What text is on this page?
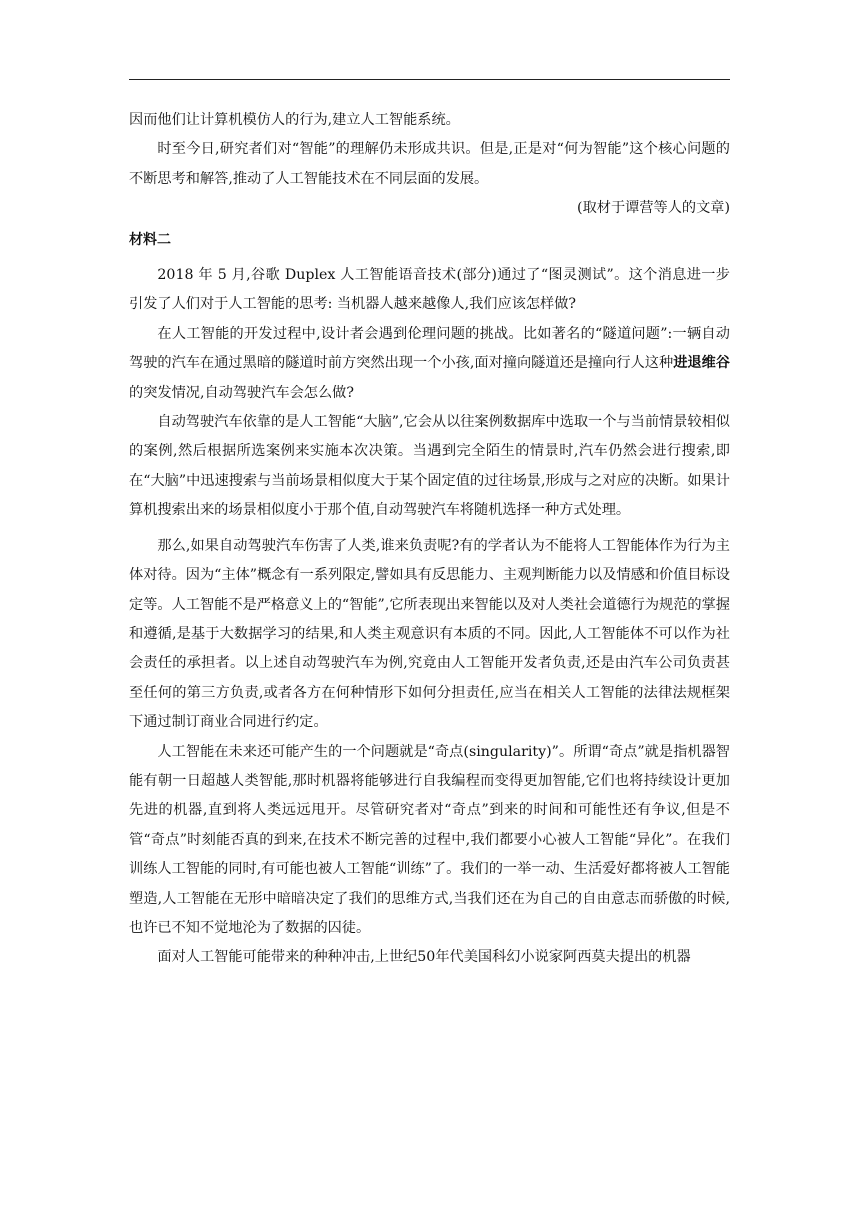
因而他们让计算机模仿人的行为,建立人工智能系统。

时至今日,研究者们对“智能”的理解仍未形成共识。但是,正是对“何为智能”这个核心问题的不断思考和解答,推动了人工智能技术在不同层面的发展。

(取材于谭营等人的文章)

材料二

2018 年 5 月,谷歌 Duplex 人工智能语音技术(部分)通过了“图灵测试”。这个消息进一步引发了人们对于人工智能的思考: 当机器人越来越像人,我们应该怎样做?

在人工智能的开发过程中,设计者会遇到伦理问题的挑战。比如著名的“隧道问题”:一辆自动驾驶的汽车在通过黑暗的隧道时前方突然出现一个小孩,面对撞向隧道还是撞向行人这种进退维谷的突发情况,自动驾驶汽车会怎么做?

自动驾驶汽车依靠的是人工智能“大脑”,它会从以往案例数据库中选取一个与当前情景较相似的案例,然后根据所选案例来实施本次决策。当遇到完全陌生的情景时,汽车仍然会进行搜索,即在“大脑”中迅速搜索与当前场景相似度大于某个固定值的过往场景,形成与之对应的决断。如果计算机搜索出来的场景相似度小于那个值,自动驾驶汽车将随机选择一种方式处理。

那么,如果自动驾驶汽车伤害了人类,谁来负责呢?有的学者认为不能将人工智能体作为行为主体对待。因为“主体”概念有一系列限定,譬如具有反思能力、主观判断能力以及情感和价值目标设定等。人工智能不是严格意义上的“智能”,它所表现出来智能以及对人类社会道德行为规范的掌握和遵循,是基于大数据学习的结果,和人类主观意识有本质的不同。因此,人工智能体不可以作为社会责任的承担者。以上述自动驾驶汽车为例,究竟由人工智能开发者负责,还是由汽车公司负责甚至任何的第三方负责,或者各方在何种情形下如何分担责任,应当在相关人工智能的法律法规框架下通过制订商业合同进行约定。

人工智能在未来还可能产生的一个问题就是“奇点(singularity)”。所谓“奇点”就是指机器智能有朝一日超越人类智能,那时机器将能够进行自我编程而变得更加智能,它们也将持续设计更加先进的机器,直到将人类远远甩开。尽管研究者对“奇点”到来的时间和可能性还有争议,但是不管“奇点”时刻能否真的到来,在技术不断完善的过程中,我们都要小心被人工智能“异化”。在我们训练人工智能的同时,有可能也被人工智能“训练”了。我们的一举一动、生活爱好都将被人工智能塑造,人工智能在无形中暗暗决定了我们的思维方式,当我们还在为自己的自由意志而骄傲的时候,也许已不知不觉地沦为了数据的囚徒。

面对人工智能可能带来的种种冲击,上世纪50年代美国科幻小说家阿西莫夫提出的机器
